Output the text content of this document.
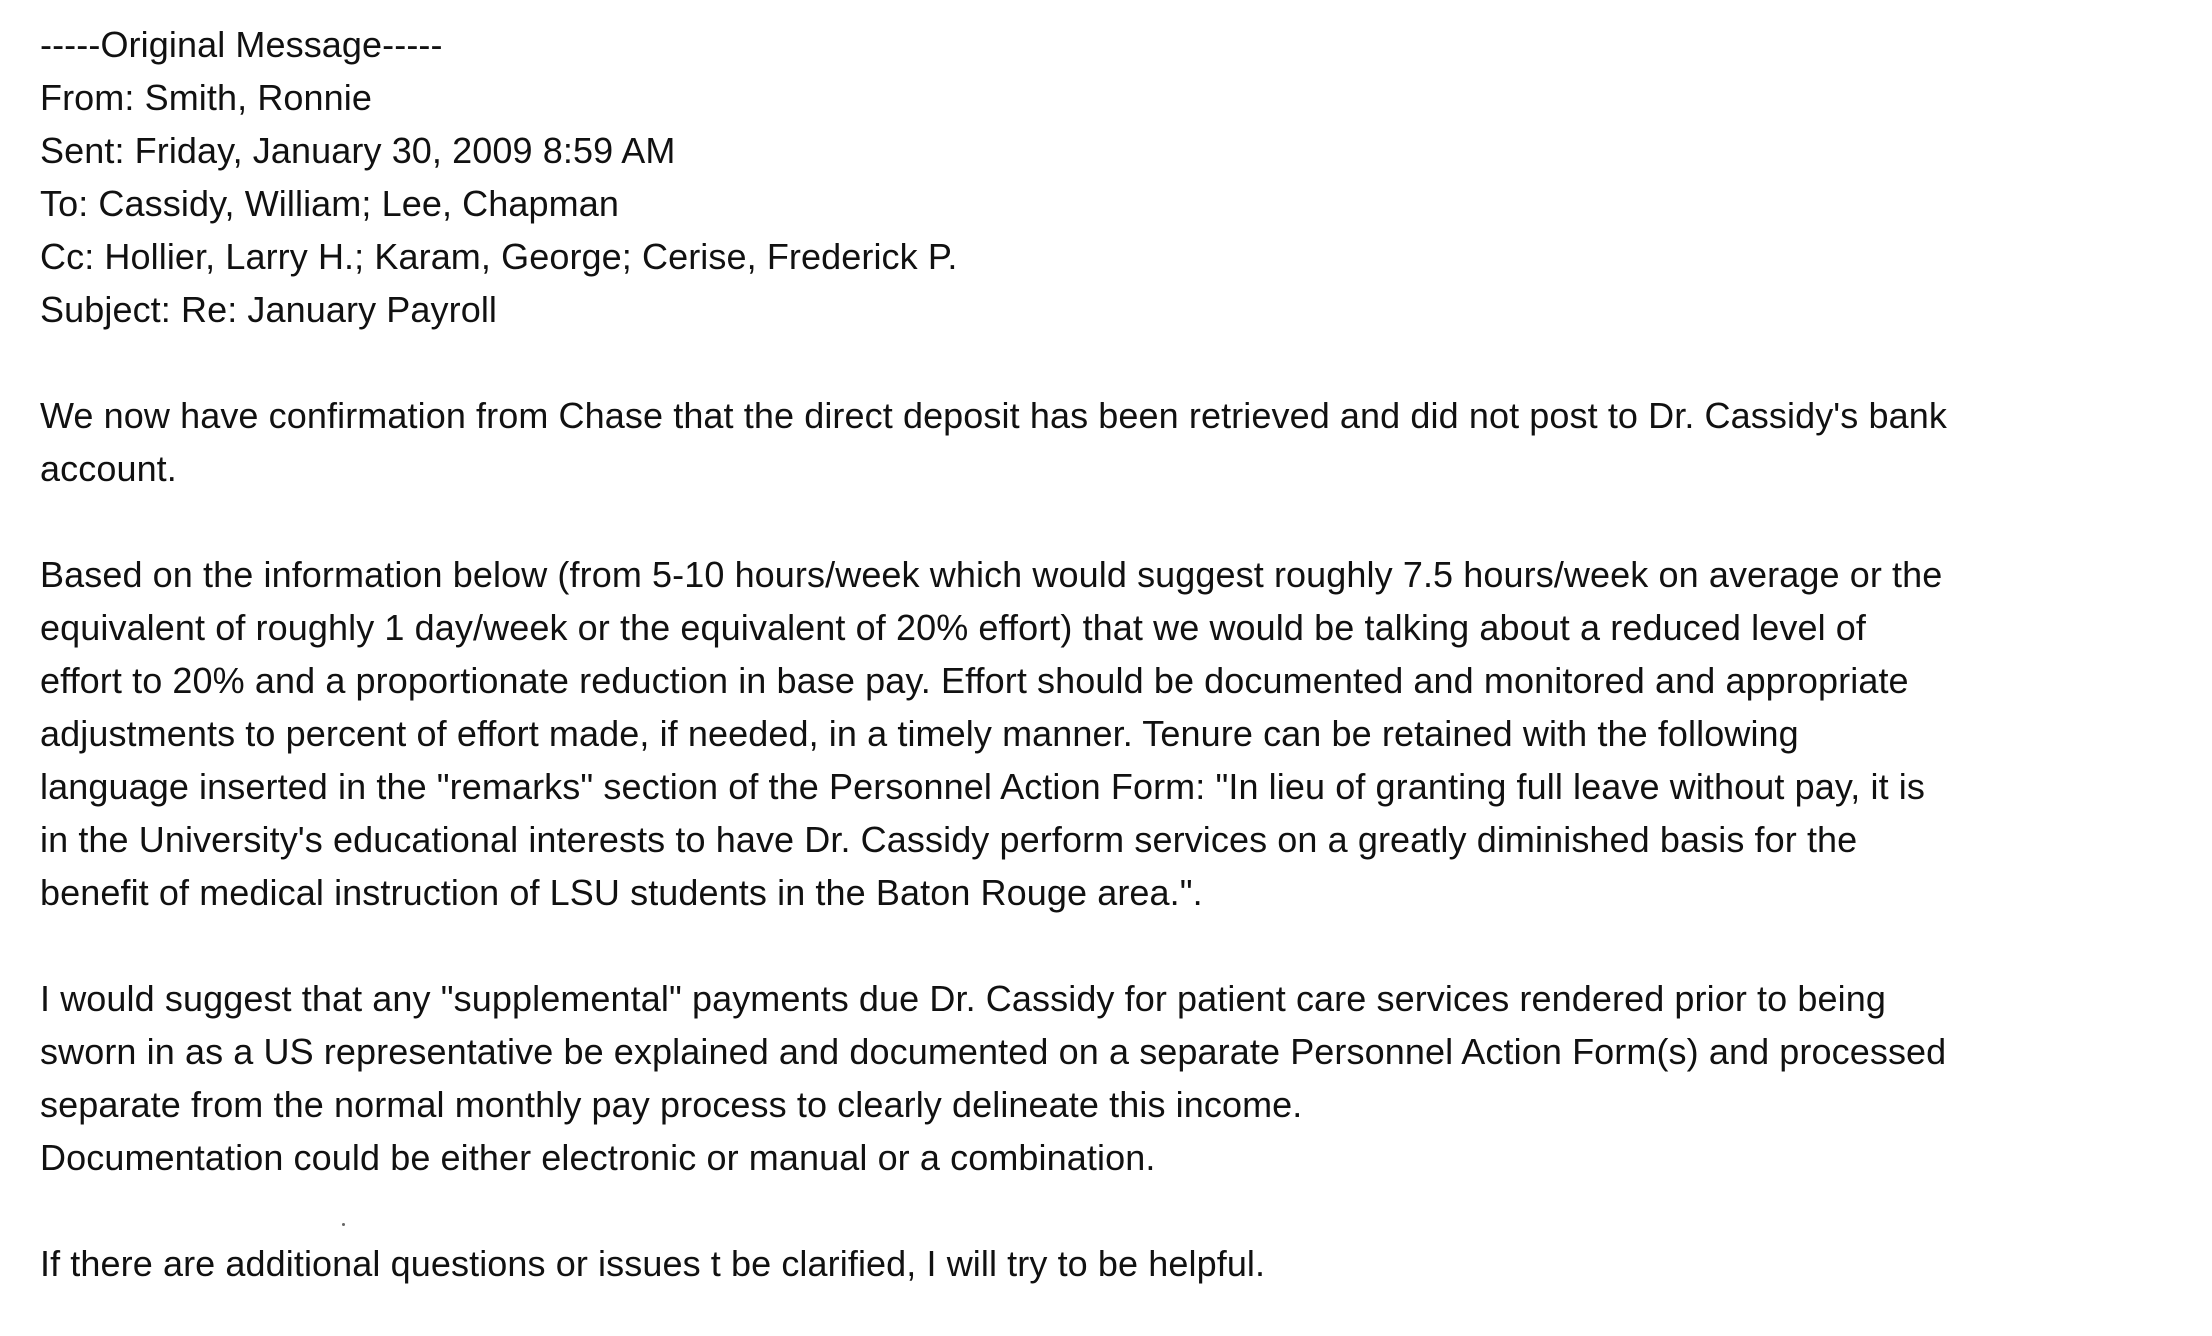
-----Original Message-----
From: Smith, Ronnie
Sent: Friday, January 30, 2009 8:59 AM
To: Cassidy, William; Lee, Chapman
Cc: Hollier, Larry H.; Karam, George; Cerise, Frederick P.
Subject: Re: January Payroll
We now have confirmation from Chase that the direct deposit has been retrieved and did not post to Dr. Cassidy's bank
account.
Based on the information below (from 5-10 hours/week which would suggest roughly 7.5 hours/week on average or the
equivalent of roughly 1 day/week or the equivalent of 20% effort) that we would be talking about a reduced level of
effort to 20% and a proportionate reduction in base pay. Effort should be documented and monitored and appropriate
adjustments to percent of effort made, if needed, in a timely manner. Tenure can be retained with the following
language inserted in the "remarks" section of the Personnel Action Form: "In lieu of granting full leave without pay, it is
in the University's educational interests to have Dr. Cassidy perform services on a greatly diminished basis for the
benefit of medical instruction of LSU students in the Baton Rouge area.".
I would suggest that any "supplemental" payments due Dr. Cassidy for patient care services rendered prior to being
sworn in as a US representative be explained and documented on a separate Personnel Action Form(s) and processed
separate from the normal monthly pay process to clearly delineate this income.
Documentation could be either electronic or manual or a combination.
If there are additional questions or issues t be clarified, I will try to be helpful.
